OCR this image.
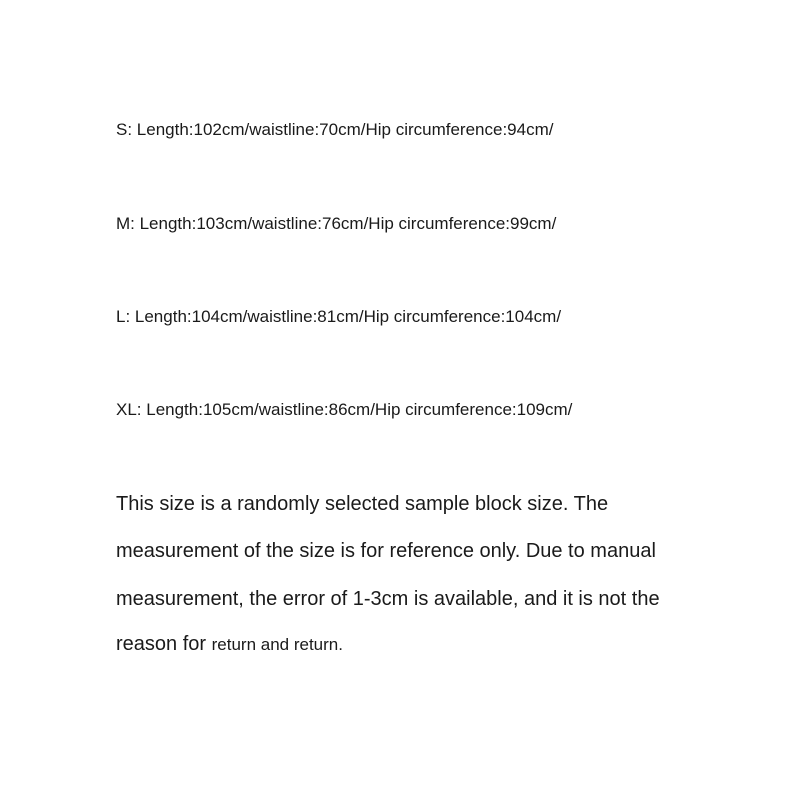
S: Length:102cm/waistline:70cm/Hip circumference:94cm/
M: Length:103cm/waistline:76cm/Hip circumference:99cm/
L: Length:104cm/waistline:81cm/Hip circumference:104cm/
XL: Length:105cm/waistline:86cm/Hip circumference:109cm/
This size is a randomly selected sample block size. The
measurement of the size is for reference only. Due to manual
measurement, the error of 1-3cm is available, and it is not the
reason for return and return.
